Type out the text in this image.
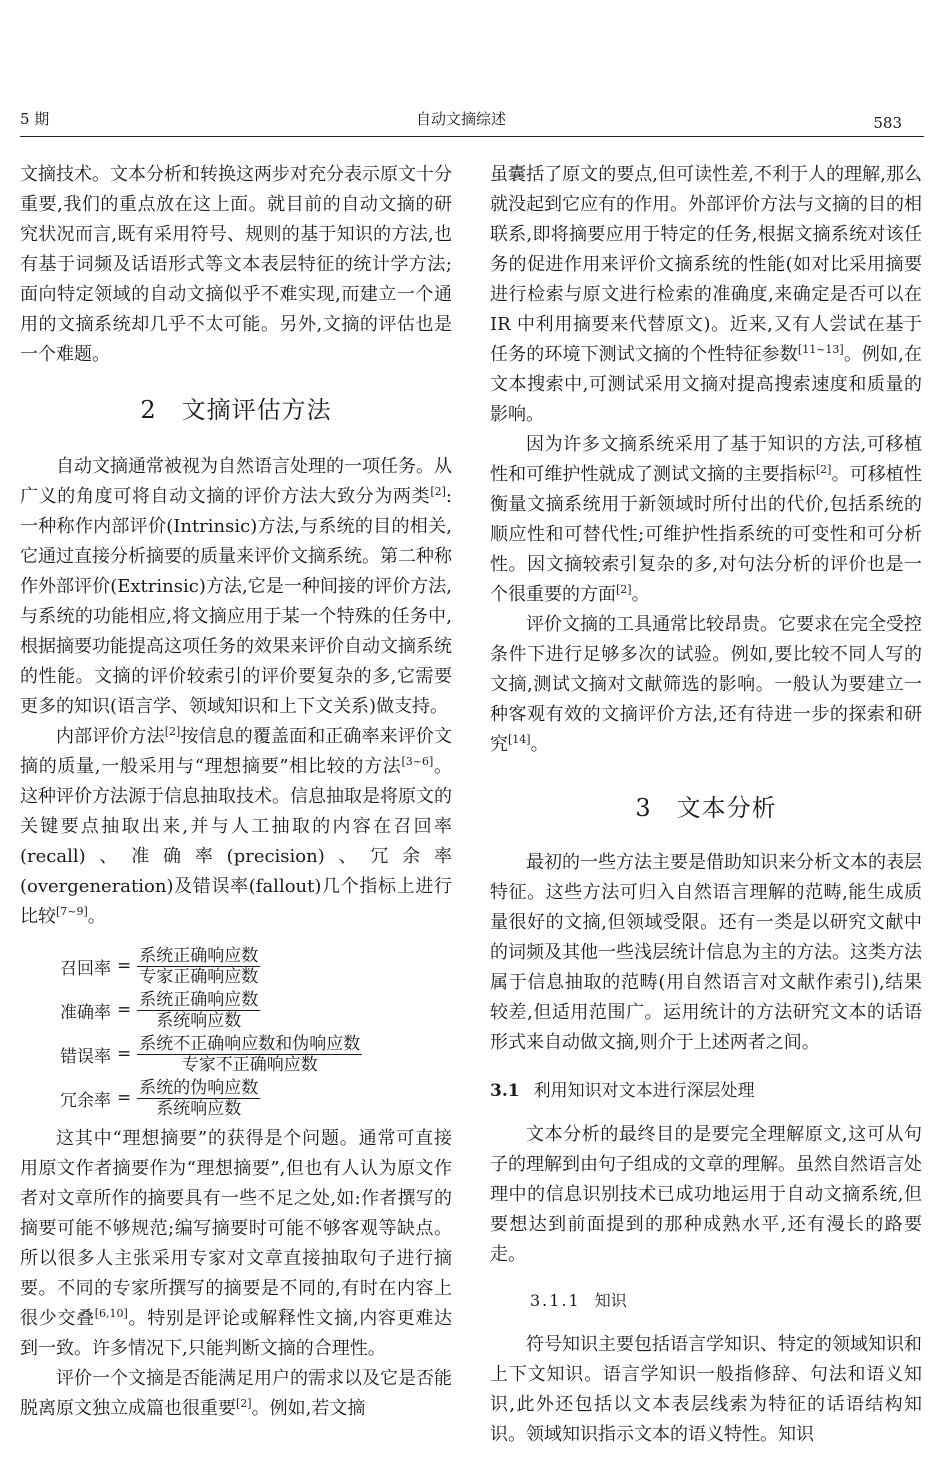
5 期	自动文摘综述	583

文摘技术。文本分析和转换这两步对充分表示原文十分重要,我们的重点放在这上面。就目前的自动文摘的研究状况而言,既有采用符号、规则的基于知识的方法,也有基于词频及话语形式等文本表层特征的统计学方法;面向特定领域的自动文摘似乎不难实现,而建立一个通用的文摘系统却几乎不太可能。另外,文摘的评估也是一个难题。

2　文摘评估方法

自动文摘通常被视为自然语言处理的一项任务。从广义的角度可将自动文摘的评价方法大致分为两类[2]:一种称作内部评价(Intrinsic)方法,与系统的目的相关,它通过直接分析摘要的质量来评价文摘系统。第二种称作外部评价(Extrinsic)方法,它是一种间接的评价方法,与系统的功能相应,将文摘应用于某一个特殊的任务中,根据摘要功能提高这项任务的效果来评价自动文摘系统的性能。文摘的评价较索引的评价要复杂的多,它需要更多的知识(语言学、领域知识和上下文关系)做支持。

内部评价方法[2]按信息的覆盖面和正确率来评价文摘的质量,一般采用与“理想摘要”相比较的方法[3~6]。这种评价方法源于信息抽取技术。信息抽取是将原文的关键要点抽取出来,并与人工抽取的内容在召回率(recall)、准确率(precision)、冗余率(overgeneration)及错误率(fallout)几个指标上进行比较[7~9]。

召回率 = $\frac{\text{系统正确响应数}}{\text{专家正确响应数}}$
准确率 = $\frac{\text{系统正确响应数}}{\text{系统响应数}}$
错误率 = $\frac{\text{系统不正确响应数和伪响应数}}{\text{专家不正确响应数}}$
冗余率 = $\frac{\text{系统的伪响应数}}{\text{系统响应数}}$

这其中“理想摘要”的获得是个问题。通常可直接用原文作者摘要作为“理想摘要”,但也有人认为原文作者对文章所作的摘要具有一些不足之处,如:作者撰写的摘要可能不够规范;编写摘要时可能不够客观等缺点。所以很多人主张采用专家对文章直接抽取句子进行摘要。不同的专家所撰写的摘要是不同的,有时在内容上很少交叠[6,10]。特别是评论或解释性文摘,内容更难达到一致。许多情况下,只能判断文摘的合理性。

评价一个文摘是否能满足用户的需求以及它是否能脱离原文独立成篇也很重要[2]。例如,若文摘

虽囊括了原文的要点,但可读性差,不利于人的理解,那么就没起到它应有的作用。外部评价方法与文摘的目的相联系,即将摘要应用于特定的任务,根据文摘系统对该任务的促进作用来评价文摘系统的性能(如对比采用摘要进行检索与原文进行检索的准确度,来确定是否可以在 IR 中利用摘要来代替原文)。近来,又有人尝试在基于任务的环境下测试文摘的个性特征参数[11~13]。例如,在文本搜索中,可测试采用文摘对提高搜索速度和质量的影响。

因为许多文摘系统采用了基于知识的方法,可移植性和可维护性就成了测试文摘的主要指标[2]。可移植性衡量文摘系统用于新领域时所付出的代价,包括系统的顺应性和可替代性;可维护性指系统的可变性和可分析性。因文摘较索引复杂的多,对句法分析的评价也是一个很重要的方面[2]。

评价文摘的工具通常比较昂贵。它要求在完全受控条件下进行足够多次的试验。例如,要比较不同人写的文摘,测试文摘对文献筛选的影响。一般认为要建立一种客观有效的文摘评价方法,还有待进一步的探索和研究[14]。

3　文本分析

最初的一些方法主要是借助知识来分析文本的表层特征。这些方法可归入自然语言理解的范畴,能生成质量很好的文摘,但领域受限。还有一类是以研究文献中的词频及其他一些浅层统计信息为主的方法。这类方法属于信息抽取的范畴(用自然语言对文献作索引),结果较差,但适用范围广。运用统计的方法研究文本的话语形式来自动做文摘,则介于上述两者之间。

3.1 利用知识对文本进行深层处理

文本分析的最终目的是要完全理解原文,这可从句子的理解到由句子组成的文章的理解。虽然自然语言处理中的信息识别技术已成功地运用于自动文摘系统,但要想达到前面提到的那种成熟水平,还有漫长的路要走。

3.1.1 知识

符号知识主要包括语言学知识、特定的领域知识和上下文知识。语言学知识一般指修辞、句法和语义知识,此外还包括以文本表层线索为特征的话语结构知识。领域知识指示文本的语义特性。知识
